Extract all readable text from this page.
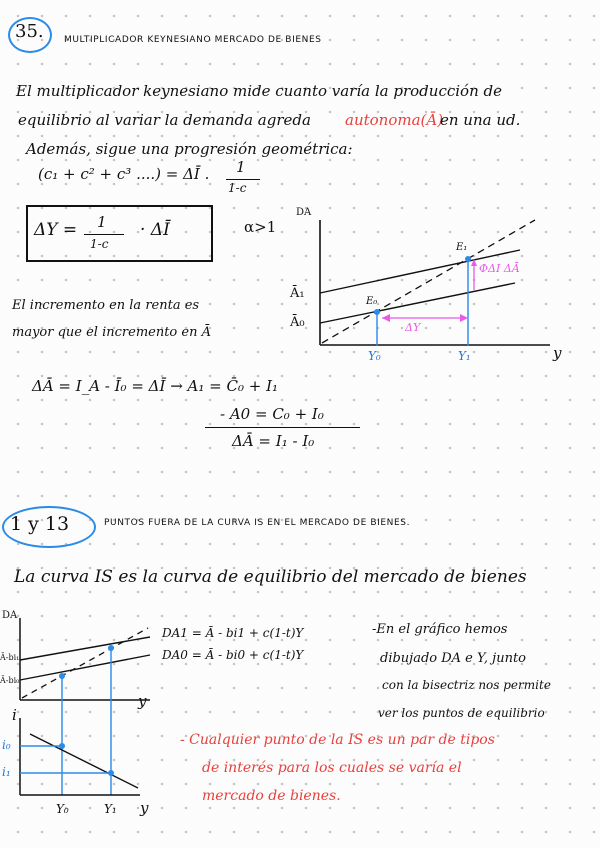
35. MULTIPLICADOR KEYNESIANO MERCADO DE BIENES
El multiplicador keynesiano mide cuanto varía la producción de
equilibrio al variar la demanda agreda autonoma(Ā)
en una ud.
Además, sigue una progresión geométrica:
(c₁ + c² + c³ ....) = ΔĪ . 1
1-c
ΔY = 1
1-c
· ΔĪ	α>1
El incremento en la renta es
mayor que el incremento en Ā
DA
y
Ā₁
Ā₀
E₀
E₁
ΔY
ΦΔI ΔĀ
Y₀	Y₁
ΔĀ = I_A - Ī₀ = ΔĪ → A₁ = C̄₀ + I₁
- A0 = C₀ + I₀
ΔĀ = I₁ - I₀
1 y 13	PUNTOS FUERA DE LA CURVA IS EN EL MERCADO DE BIENES.
La curva IS es la curva de equilibrio del mercado de bienes
DA
DA1 = Ā - bi1 + c(1-t)Y
DA0 = Ā - bi0 + c(1-t)Y
Ā-bi₁
Ā-bi₀
y
i
i₀
i₁
Y₀	Y₁ y
-En el gráfico hemos
dibujado DA e Y, junto
con la bisectriz nos permite
ver los puntos de equilibrio
- Cualquier punto de la IS es un par de tipos
de interés para los cuales se varía el
mercado de bienes.
